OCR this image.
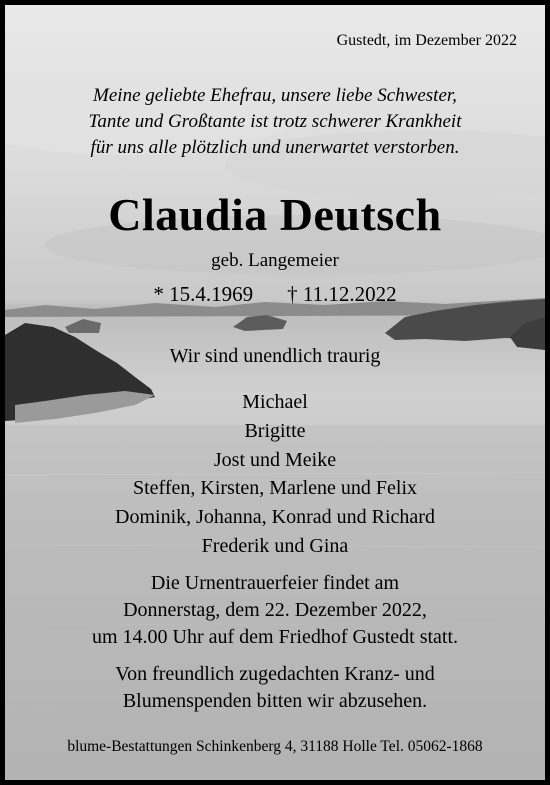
Gustedt, im Dezember 2022
Meine geliebte Ehefrau, unsere liebe Schwester,
Tante und Großtante ist trotz schwerer Krankheit
für uns alle plötzlich und unerwartet verstorben.
Claudia Deutsch
geb. Langemeier
* 15.4.1969 † 11.12.2022
Wir sind unendlich traurig
Michael
Brigitte
Jost und Meike
Steffen, Kirsten, Marlene und Felix
Dominik, Johanna, Konrad und Richard
Frederik und Gina
Die Urnentrauerfeier findet am
Donnerstag, dem 22. Dezember 2022,
um 14.00 Uhr auf dem Friedhof Gustedt statt.
Von freundlich zugedachten Kranz- und
Blumenspenden bitten wir abzusehen.
blume-Bestattungen Schinkenberg 4, 31188 Holle Tel. 05062-1868
